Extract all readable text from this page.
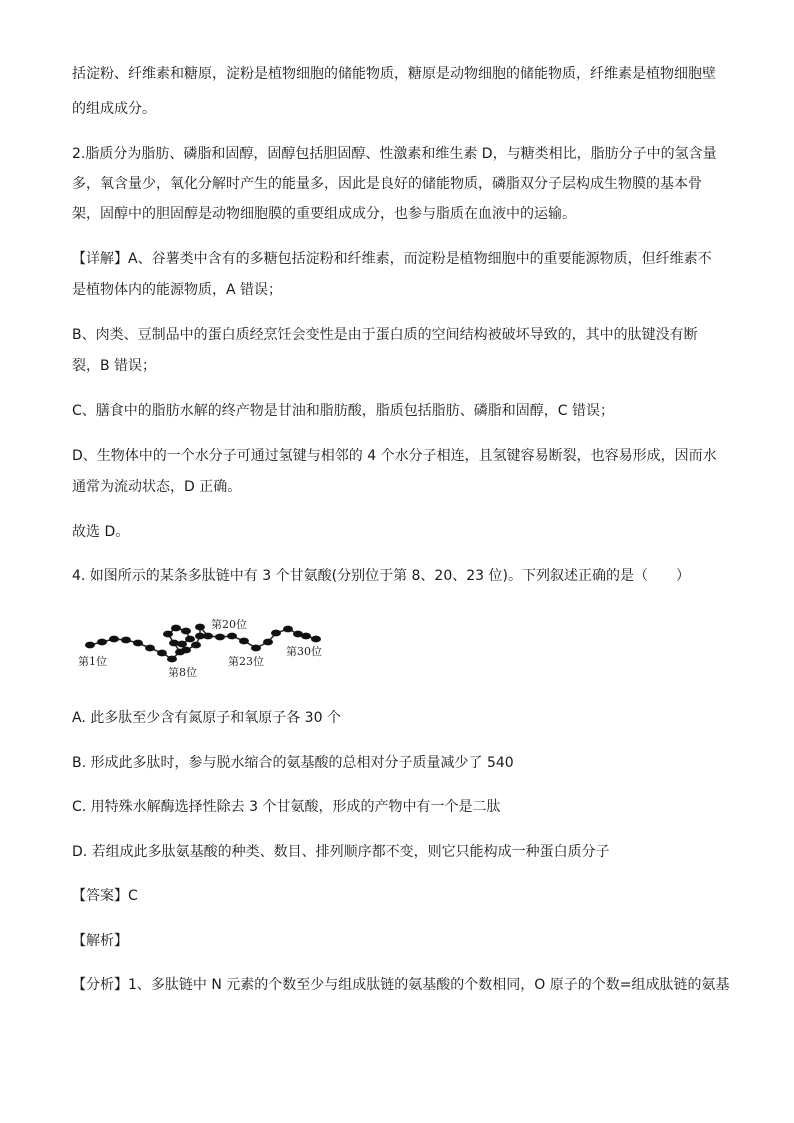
括淀粉、纤维素和糖原，淀粉是植物细胞的储能物质，糖原是动物细胞的储能物质，纤维素是植物细胞壁
的组成成分。
2.脂质分为脂肪、磷脂和固醇，固醇包括胆固醇、性激素和维生素 D，与糖类相比，脂肪分子中的氢含量
多，氧含量少，氧化分解时产生的能量多，因此是良好的储能物质，磷脂双分子层构成生物膜的基本骨
架，固醇中的胆固醇是动物细胞膜的重要组成成分，也参与脂质在血液中的运输。
【详解】A、谷薯类中含有的多糖包括淀粉和纤维素，而淀粉是植物细胞中的重要能源物质，但纤维素不
是植物体内的能源物质，A 错误；
B、肉类、豆制品中的蛋白质经烹饪会变性是由于蛋白质的空间结构被破坏导致的，其中的肽键没有断
裂，B 错误；
C、膳食中的脂肪水解的终产物是甘油和脂肪酸，脂质包括脂肪、磷脂和固醇，C 错误；
D、生物体中的一个水分子可通过氢键与相邻的 4 个水分子相连，且氢键容易断裂，也容易形成，因而水
通常为流动状态，D 正确。
故选 D。
4. 如图所示的某条多肽链中有 3 个甘氨酸(分别位于第 8、20、23 位)。下列叙述正确的是（　　）
第1位
第8位
第20位
第23位
第30位
A. 此多肽至少含有氮原子和氧原子各 30 个
B. 形成此多肽时，参与脱水缩合的氨基酸的总相对分子质量减少了 540
C. 用特殊水解酶选择性除去 3 个甘氨酸，形成的产物中有一个是二肽
D. 若组成此多肽氨基酸的种类、数目、排列顺序都不变，则它只能构成一种蛋白质分子
【答案】C
【解析】
【分析】1、多肽链中 N 元素的个数至少与组成肽链的氨基酸的个数相同，O 原子的个数=组成肽链的氨基
